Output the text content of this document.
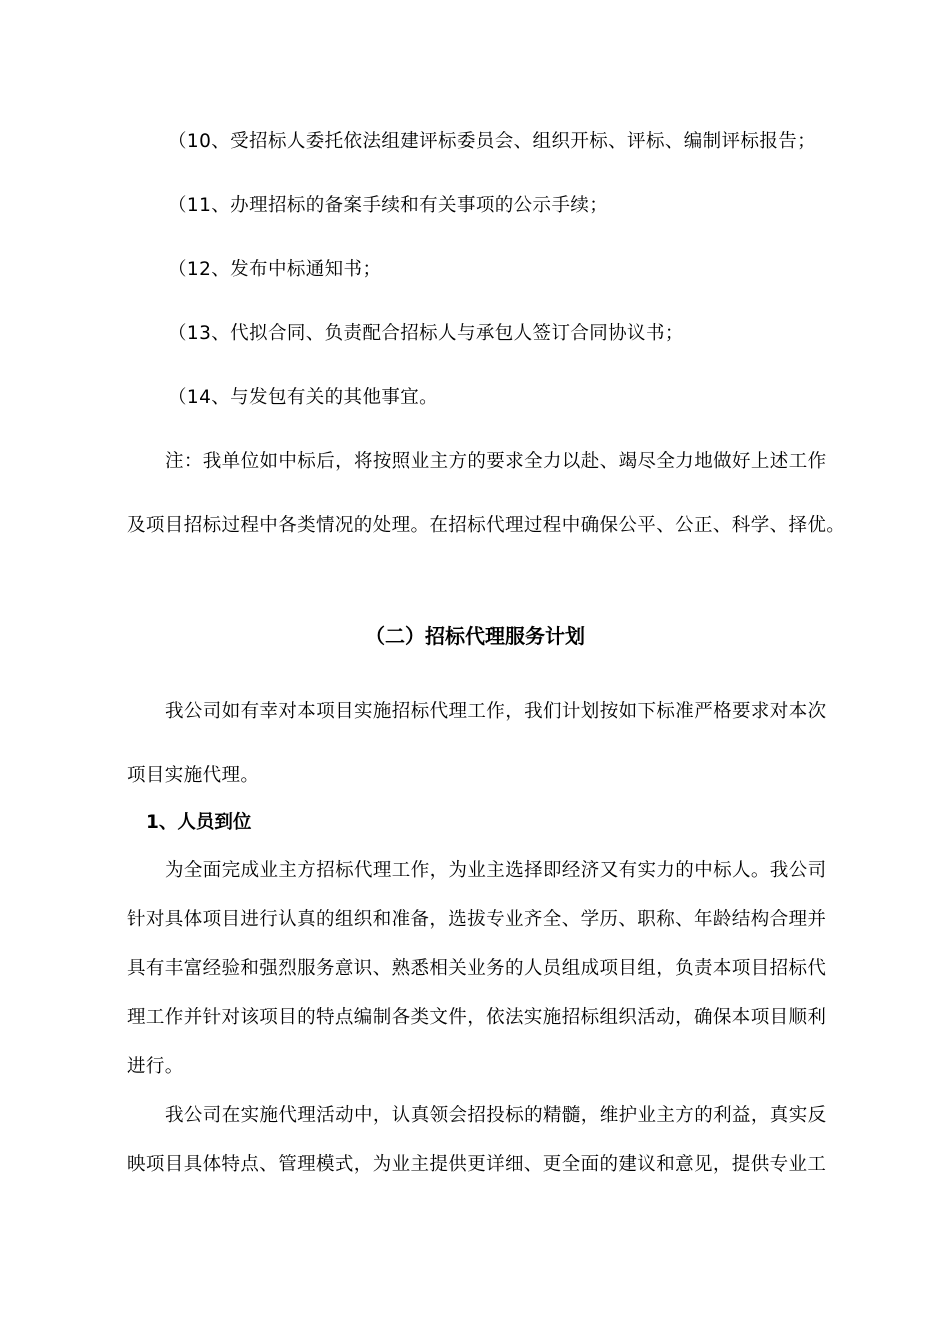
（10、受招标人委托依法组建评标委员会、组织开标、评标、编制评标报告；
（11、办理招标的备案手续和有关事项的公示手续；
（12、发布中标通知书；
（13、代拟合同、负责配合招标人与承包人签订合同协议书；
（14、与发包有关的其他事宜。
注：我单位如中标后，将按照业主方的要求全力以赴、竭尽全力地做好上述工作
及项目招标过程中各类情况的处理。在招标代理过程中确保公平、公正、科学、择优。
（二）招标代理服务计划
我公司如有幸对本项目实施招标代理工作，我们计划按如下标准严格要求对本次
项目实施代理。
1、人员到位
为全面完成业主方招标代理工作，为业主选择即经济又有实力的中标人。我公司
针对具体项目进行认真的组织和准备，选拔专业齐全、学历、职称、年龄结构合理并
具有丰富经验和强烈服务意识、熟悉相关业务的人员组成项目组，负责本项目招标代
理工作并针对该项目的特点编制各类文件，依法实施招标组织活动，确保本项目顺利
进行。
我公司在实施代理活动中，认真领会招投标的精髓，维护业主方的利益，真实反
映项目具体特点、管理模式，为业主提供更详细、更全面的建议和意见，提供专业工
